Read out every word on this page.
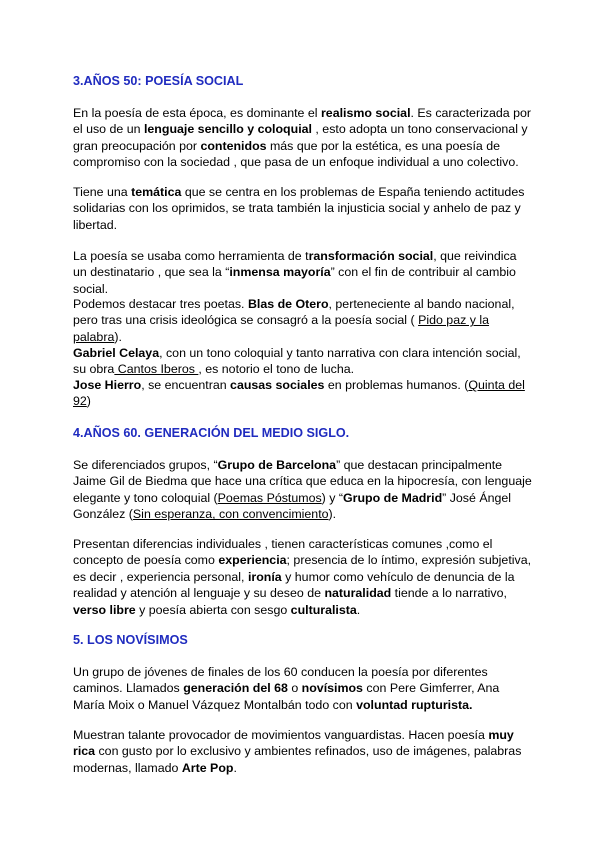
3.AÑOS 50: POESÍA SOCIAL

En la poesía de esta época, es dominante el realismo social. Es caracterizada por el uso de un lenguaje sencillo y coloquial , esto adopta un tono conservacional y gran preocupación por contenidos más que por la estética, es una poesía de compromiso con la sociedad , que pasa de un enfoque individual a uno colectivo.

Tiene una temática que se centra en los problemas de España teniendo actitudes solidarias con los oprimidos, se trata también la injusticia social y anhelo de paz y libertad.

La poesía se usaba como herramienta de transformación social, que reivindica un destinatario , que sea la “inmensa mayoría” con el fin de contribuir al cambio social.

Podemos destacar tres poetas. Blas de Otero, perteneciente al bando nacional, pero tras una crisis ideológica se consagró a la poesía social ( Pido paz y la palabra).

Gabriel Celaya, con un tono coloquial y tanto narrativa con clara intención social, su obra Cantos Iberos , es notorio el tono de lucha.

Jose Hierro, se encuentran causas sociales en problemas humanos. (Quinta del 92)

4.AÑOS 60. GENERACIÓN DEL MEDIO SIGLO.

Se diferenciados grupos, “Grupo de Barcelona” que destacan principalmente Jaime Gil de Biedma que hace una crítica que educa en la hipocresía, con lenguaje elegante y tono coloquial (Poemas Póstumos) y “Grupo de Madrid” José Ángel González (Sin esperanza, con convencimiento).

Presentan diferencias individuales , tienen características comunes ,como el concepto de poesía como experiencia; presencia de lo íntimo, expresión subjetiva, es decir , experiencia personal, ironía y humor como vehículo de denuncia de la realidad y atención al lenguaje y su deseo de naturalidad tiende a lo narrativo, verso libre y poesía abierta con sesgo culturalista.

5. LOS NOVÍSIMOS

Un grupo de jóvenes de finales de los 60 conducen la poesía por diferentes caminos. Llamados generación del 68 o novísimos con Pere Gimferrer, Ana María Moix o Manuel Vázquez Montalbán todo con voluntad rupturista.

Muestran talante provocador de movimientos vanguardistas. Hacen poesía muy rica con gusto por lo exclusivo y ambientes refinados, uso de imágenes, palabras modernas, llamado Arte Pop.
